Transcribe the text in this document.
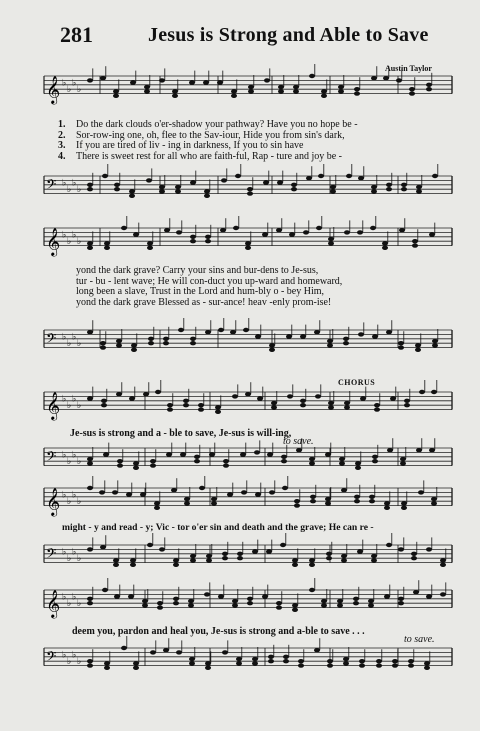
281	Jesus is Strong and Able to Save
Austin Taylor
𝄞 ♭
♭
♭
♭
𝄢 ♭
♭
♭
♭
𝄞 ♭
♭
♭
♭
𝄢 ♭
♭
♭
♭
𝄞 ♭
♭
♭
♭
𝄢 ♭
♭
♭
♭
𝄞 ♭
♭
♭
♭
𝄢 ♭
♭
♭
♭
𝄞 ♭
♭
♭
♭
𝄢 ♭
♭
♭
♭
1. Do the dark clouds o'er-shadow your pathway? Have you no hope be -
2. Sor-row-ing one, oh, flee to the Sav-iour, Hide you from sin's dark,
3. If you are tired of liv - ing in darkness, If you to sin have
4. There is sweet rest for all who are faith-ful, Rap - ture and joy be -
yond the dark grave? Carry your sins and bur-dens to Je-sus,
tur - bu - lent wave; He will con-duct you up-ward and homeward,
long been a slave, Trust in the Lord and hum-bly o - bey Him,
yond the dark grave Blessed as - sur-ance! heav -enly prom-ise!
CHORUS
Je-sus is strong and a - ble to save, Je-sus is will-ing,
to save.
might - y and read - y; Vic - tor o'er sin and death and the grave; He can re -
deem you, pardon and heal you, Je-sus is strong and a-ble to save . . .
to save.
